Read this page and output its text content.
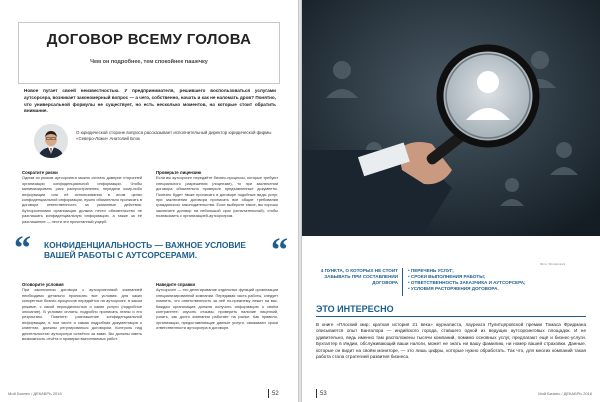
ДОГОВОР ВСЕМУ ГОЛОВА
Чем он подробнее, тем спокойнее пашечку
Новое пугает своей неизвестностью. У предпринимателя, решившего воспользоваться услугами аутсорсера, возникает закономерный вопрос — а чего, собственно, начать и как не наломать дров? Понятно, что универсальной формулы не существует, но есть несколько моментов, на которые стоит обратить внимание.
О юридической стороне вопроса рассказывает исполнительный директор юридической фирмы «Северо-Ложи» Анатолий Блок
Сократите риски
Одним из рисков аутсорсинга можно считать доверие сторонней организации конфиденциальной информации. Чтобы минимизировать риск распространения, передачи кому-либо информации или её использования в ином целях конфиденциальной информации, нужно обязательно прописать в договоре ответственность за указанные действия. Аутсорсинговая организация должна нести обязательство не разглашать конфиденциальную информацию, а также за её разглашение — нести эти прочитанный ущерб.
Проверьте лицензию
Если вы аутсорсинг передаёте бизнес-процессы, которые требуют специального разрешения (лицензии), то при заключении договора обязательно проверьте предъявленные документы. Полезно будет также прописать в договоре подобные виды услуг, при заключении договора прописать все общие требования гражданского законодательства. Если выберите такое, вы хорошо заключите договор на небольшой срок (испытательный), чтобы познакомить с организацией-аутсорсером.
“ КОНФИДЕНЦИАЛЬНОСТЬ — ВАЖНОЕ УСЛОВИЕ ВАШЕЙ РАБОТЫ С АУТСОРСЕРАМИ.	“
Оговорите условия
При заключении договора с аутсорсинговой компанией необходимо детально прописать все условия: для каких конкретных бизнес-процессов передаётся на аутсорсинг, в каком режиме, с какой периодичностью и какие услуги (подробное описание). В условии оплаты, подробно прописать этапы и его результаты. Помните: разглашение конфиденциальной информации, в том числе и самая подробная документация о клиентах, должны регулироваться договором. Контроль над деятельностью аутсорсера остаётся за вами. Вы должны иметь возможность отчёта и проверки выполняемых работ.
Наведите справки
Аутсорсинг — это делегирование отдельных функций организации специализированной компании. Передавая часть работы, следует помнить, что ответственность за неё по-прежнему лежит на вас. Каждая организация должна получить информацию о своём контрагенте: изучить отзывы, проверить наличие лицензий, узнать, как долго компания работает на рынке. Как правило, организации, предоставляющие данные услуги, связывают сроки ответственности аутсорсера в договоре.
Мой Бизнес / ДЕКАБРЬ 2016	52
Фото: Shutterstock
4 ПУНКТА, О КОТОРЫХ НЕ СТОИТ ЗАБЫВАТЬ ПРИ СОСТАВЛЕНИИ ДОГОВОРА
• ПЕРЕЧЕНЬ УСЛУГ;
• СРОКИ ВЫПОЛНЕНИЯ РАБОТЫ;
• ОТВЕТСТВЕННОСТЬ ЗАКАЗЧИКА И АУТСОРСЕРА;
• УСЛОВИЯ РАСТОРЖЕНИЯ ДОГОВОРА.
ЭТО ИНТЕРЕСНО
В книге «Плоский мир: краткая история 21 века» журналиста, лауреата Пулитцеровской премии Томаса Фридмана описывается опыт Бангалора — индийского города, ставшего одной из ведущих аутсорсинговых площадок. И не удивительно, ведь именно там расположены тысячи компаний, помимо основных услуг, предлагают ещё и бизнес-услуги. Бухгалтер в Индии, обслуживающий ваши налоги, может не знать ни вашу фамилию, ни номер вашей страховки. Данные, которые он видит на своём мониторе, — это лишь цифры, которые нужно обработать. Так что, для многих компаний такая работа стала стратегией развития бизнеса.
53	Мой Бизнес / ДЕКАБРЬ 2016
